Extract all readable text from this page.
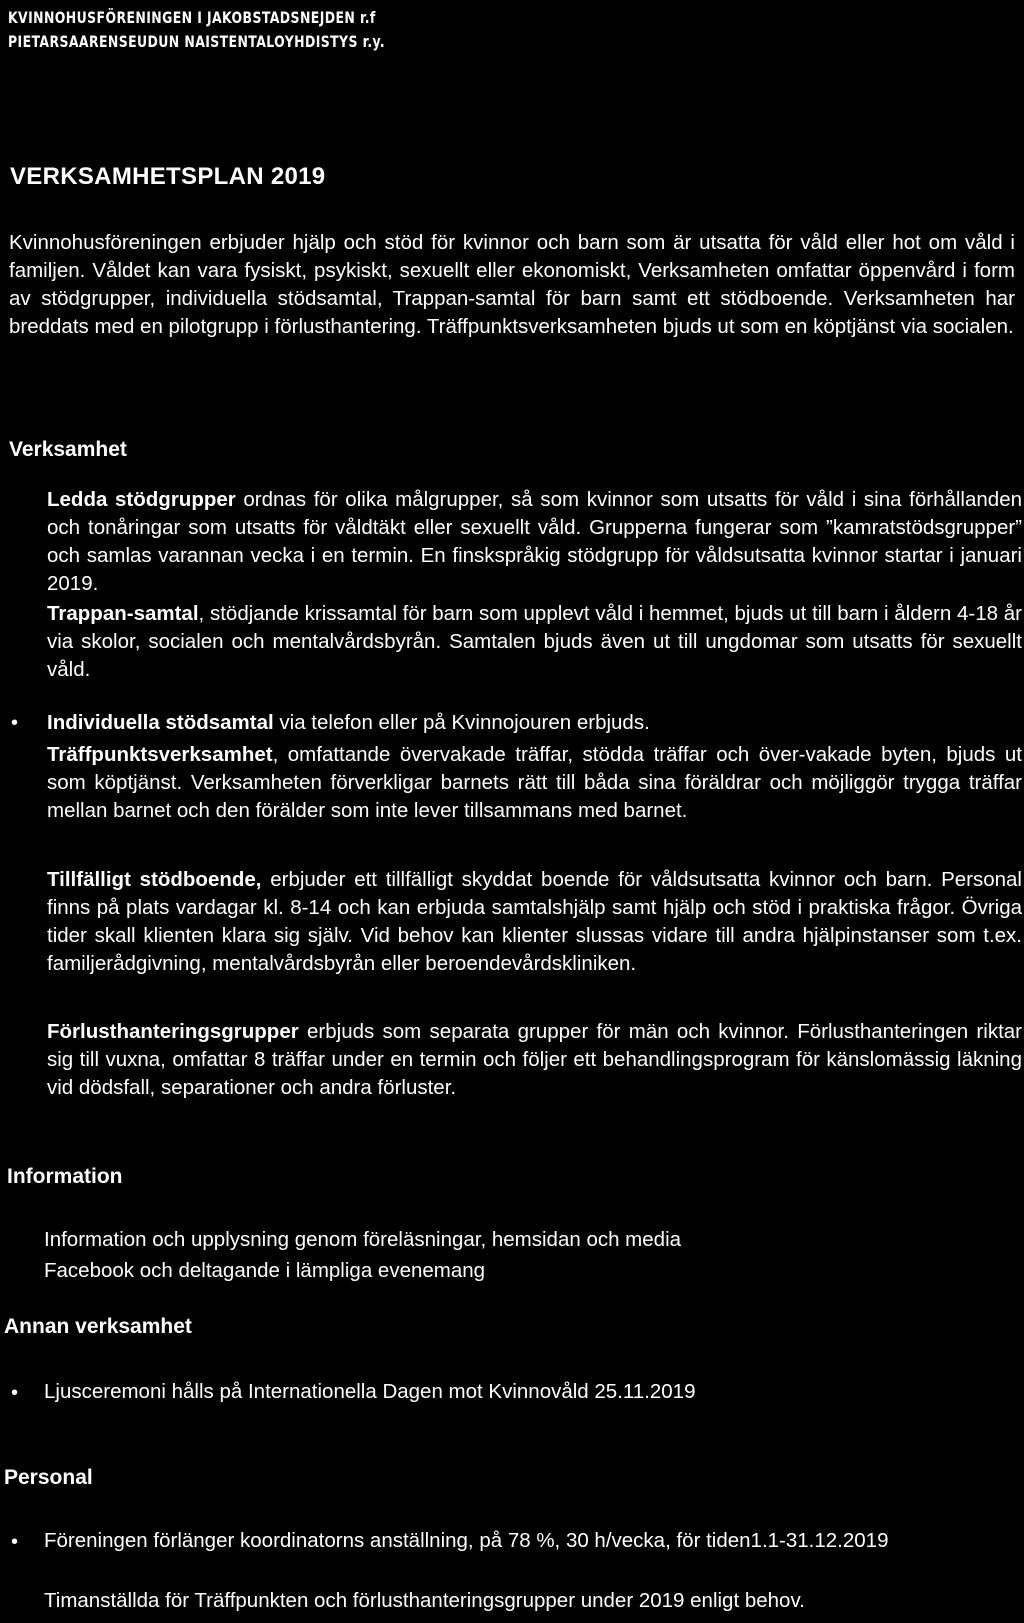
KVINNOHUSFÖRENINGEN I JAKOBSTADSNEJDEN r.f
PIETARSAARENSEUDUN NAISTENTALOYHDISTYS r.y.
VERKSAMHETSPLAN 2019
Kvinnohusföreningen erbjuder hjälp och stöd för kvinnor och barn som är utsatta för våld eller hot om våld i familjen. Våldet kan vara fysiskt, psykiskt, sexuellt eller ekonomiskt, Verksamheten omfattar öppenvård i form av stödgrupper, individuella stödsamtal, Trappan-samtal för barn samt ett stödboende. Verksamheten har breddats med en pilotgrupp i förlusthantering. Träffpunktsverksamheten bjuds ut som en köptjänst via socialen.
Verksamhet
Ledda stödgrupper ordnas för olika målgrupper, så som kvinnor som utsatts för våld i sina förhållanden och tonåringar som utsatts för våldtäkt eller sexuellt våld. Grupperna fungerar som ”kamratstödsgrupper” och samlas varannan vecka i en termin. En finskspråkig stödgrupp för våldsutsatta kvinnor startar i januari 2019.
Trappan-samtal, stödjande krissamtal för barn som upplevt våld i hemmet, bjuds ut till barn i åldern 4-18 år via skolor, socialen och mentalvårdsbyrån. Samtalen bjuds även ut till ungdomar som utsatts för sexuellt våld.
• Individuella stödsamtal via telefon eller på Kvinnojouren erbjuds.
Träffpunktsverksamhet, omfattande övervakade träffar, stödda träffar och över-vakade byten, bjuds ut som köptjänst. Verksamheten förverkligar barnets rätt till båda sina föräldrar och möjliggör trygga träffar mellan barnet och den förälder som inte lever tillsammans med barnet.
Tillfälligt stödboende, erbjuder ett tillfälligt skyddat boende för våldsutsatta kvinnor och barn. Personal finns på plats vardagar kl. 8-14 och kan erbjuda samtalshjälp samt hjälp och stöd i praktiska frågor. Övriga tider skall klienten klara sig själv. Vid behov kan klienter slussas vidare till andra hjälpinstanser som t.ex. familjerådgivning, mentalvårdsbyrån eller beroendevårdskliniken.
Förlusthanteringsgrupper erbjuds som separata grupper för män och kvinnor. Förlusthanteringen riktar sig till vuxna, omfattar 8 träffar under en termin och följer ett behandlingsprogram för känslomässig läkning vid dödsfall, separationer och andra förluster.
Information
Information och upplysning genom föreläsningar, hemsidan och media
Facebook och deltagande i lämpliga evenemang
Annan verksamhet
• Ljusceremoni hålls på Internationella Dagen mot Kvinnovåld 25.11.2019
Personal
• Föreningen förlänger koordinatorns anställning, på 78 %, 30 h/vecka, för tiden1.1-31.12.2019
Timanställda för Träffpunkten och förlusthanteringsgrupper under 2019 enligt behov.
